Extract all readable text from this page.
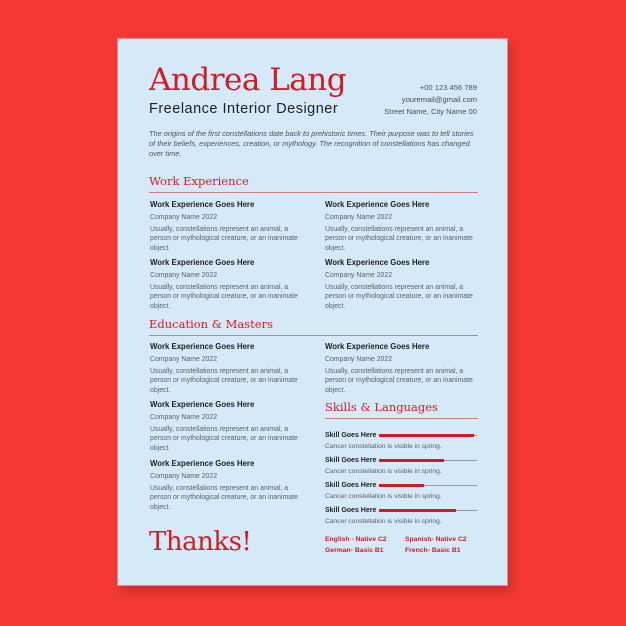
Andrea Lang
Freelance Interior Designer
+00 123 456 789
youremail@gmail.com
Street Name, City Name 00
The origins of the first constellations date back to prehistoric times. Their purpose was to tell stories of their beliefs, experiences, creation, or mythology. The recognition of constellations has changed over time.
Work Experience
Work Experience Goes Here
Company Name 2022
Usually, constellations represent an animal, a person or mythological creature, or an inanimate object.
Work Experience Goes Here
Company Name 2022
Usually, constellations represent an animal, a person or mythological creature, or an inanimate object.
Work Experience Goes Here
Company Name 2022
Usually, constellations represent an animal, a person or mythological creature, or an inanimate object.
Work Experience Goes Here
Company Name 2022
Usually, constellations represent an animal, a person or mythological creature, or an inanimate object.
Education & Masters
Work Experience Goes Here
Company Name 2022
Usually, constellations represent an animal, a person or mythological creature, or an inanimate object.
Work Experience Goes Here
Company Name 2022
Usually, constellations represent an animal, a person or mythological creature, or an inanimate object.
Work Experience Goes Here
Company Name 2022
Usually, constellations represent an animal, a person or mythological creature, or an inanimate object.
Work Experience Goes Here
Company Name 2022
Usually, constellations represent an animal, a person or mythological creature, or an inanimate object.
Skills & Languages
Skill Goes Here
Cancer constellation is visible in spring.
Skill Goes Here
Cancer constellation is visible in spring.
Skill Goes Here
Cancer constellation is visible in spring.
Skill Goes Here
Cancer constellation is visible in spring.
English - Native C2	Spanish- Native C2
German- Basic B1	French- Basic B1
Thanks!
